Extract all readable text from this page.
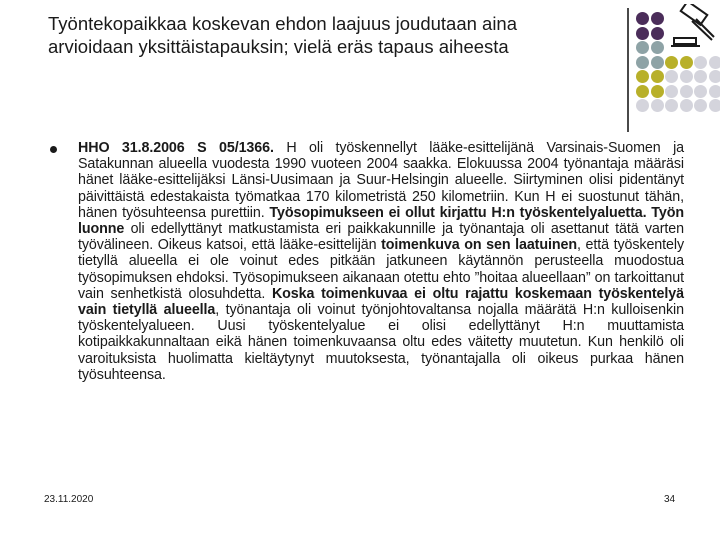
Työntekopaikkaa koskevan ehdon laajuus joudutaan aina arvioidaan yksittäistapauksin; vielä eräs tapaus aiheesta
HHO 31.8.2006 S 05/1366. H oli työskennellyt lääke-esittelijänä Varsinais-Suomen ja Satakunnan alueella vuodesta 1990 vuoteen 2004 saakka. Elokuussa 2004 työnantaja määräsi hänet lääke-esittelijäksi Länsi-Uusimaan ja Suur-Helsingin alueelle. Siirtyminen olisi pidentänyt päivittäistä edestakaista työmatkaa 170 kilometristä 250 kilometriin. Kun H ei suostunut tähän, hänen työsuhteensa purettiin. Työsopimukseen ei ollut kirjattu H:n työskentelyaluetta. Työn luonne oli edellyttänyt matkustamista eri paikkakunnille ja työnantaja oli asettanut tätä varten työvälineen. Oikeus katsoi, että lääke-esittelijän toimenkuva on sen laatuinen, että työskentely tietyllä alueella ei ole voinut edes pitkään jatkuneen käytännön perusteella muodostua työsopimuksen ehdoksi. Työsopimukseen aikanaan otettu ehto ”hoitaa alueellaan” on tarkoittanut vain senhetkistä olosuhdetta. Koska toimenkuvaa ei oltu rajattu koskemaan työskentelyä vain tietyllä alueella, työnantaja oli voinut työnjohtovaltansa nojalla määrätä H:n kulloisenkin työskentelyalueen. Uusi työskentelyalue ei olisi edellyttänyt H:n muuttamista kotipaikkakunnaltaan eikä hänen toimenkuvaansa oltu edes väitetty muutetun. Kun henkilö oli varoituksista huolimatta kieltäytynyt muutoksesta, työnantajalla oli oikeus purkaa hänen työsuhteensa.
23.11.2020	34
